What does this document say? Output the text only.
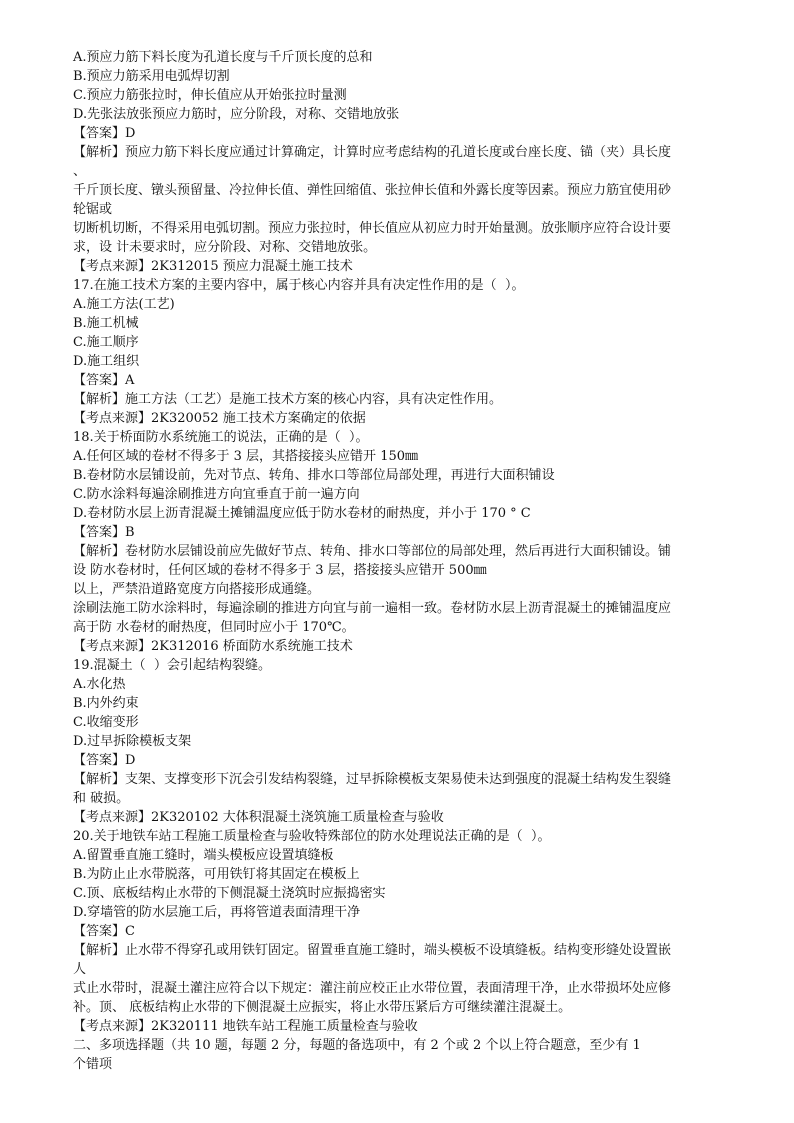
A.预应力筋下料长度为孔道长度与千斤顶长度的总和

B.预应力筋采用电弧焊切割

C.预应力筋张拉时，伸长值应从开始张拉时量测

D.先张法放张预应力筋时，应分阶段，对称、交错地放张

【答案】D

【解析】预应力筋下料长度应通过计算确定，计算时应考虑结构的孔道长度或台座长度、锚（夹）具长度

、

千斤顶长度、镦头预留量、冷拉伸长值、弹性回缩值、张拉伸长值和外露长度等因素。预应力筋宜使用砂

轮锯或

切断机切断，不得采用电弧切割。预应力张拉时，伸长值应从初应力时开始量测。放张顺序应符合设计要

求，设 计未要求时，应分阶段、对称、交错地放张。

【考点来源】2K312015 预应力混凝土施工技术

17.在施工技术方案的主要内容中，属于核心内容并具有决定性作用的是（  ）。

A.施工方法(工艺)

B.施工机械

C.施工顺序

D.施工组织

【答案】A

【解析】施工方法（工艺）是施工技术方案的核心内容，具有决定性作用。

【考点来源】2K320052 施工技术方案确定的依据

18.关于桥面防水系统施工的说法，正确的是（  ）。

A.任何区域的卷材不得多于 3 层，其搭接接头应错开 150㎜

B.卷材防水层铺设前，先对节点、转角、排水口等部位局部处理，再进行大面积铺设

C.防水涂料每遍涂刷推进方向宜垂直于前一遍方向

D.卷材防水层上沥青混凝土摊铺温度应低于防水卷材的耐热度，并小于 170 ° C

【答案】B

【解析】卷材防水层铺设前应先做好节点、转角、排水口等部位的局部处理，然后再进行大面积铺设。铺

设 防水卷材时，任何区域的卷材不得多于 3 层，搭接接头应错开 500㎜

以上，严禁沿道路宽度方向搭接形成通缝。

涂刷法施工防水涂料时，每遍涂刷的推进方向宜与前一遍相一致。卷材防水层上沥青混凝土的摊铺温度应

高于防 水卷材的耐热度，但同时应小于 170℃。

【考点来源】2K312016 桥面防水系统施工技术

19.混凝土（  ）会引起结构裂缝。

A.水化热

B.内外约束

C.收缩变形

D.过早拆除模板支架

【答案】D

【解析】支架、支撑变形下沉会引发结构裂缝，过早拆除模板支架易使未达到强度的混凝土结构发生裂缝

和 破损。

【考点来源】2K320102 大体积混凝土浇筑施工质量检查与验收

20.关于地铁车站工程施工质量检查与验收特殊部位的防水处理说法正确的是（  ）。

A.留置垂直施工缝时，端头模板应设置填缝板

B.为防止止水带脱落，可用铁钉将其固定在模板上

C.顶、底板结构止水带的下侧混凝土浇筑时应振捣密实

D.穿墙管的防水层施工后，再将管道表面清理干净

【答案】C

【解析】止水带不得穿孔或用铁钉固定。留置垂直施工缝时，端头模板不设填缝板。结构变形缝处设置嵌

人

式止水带时，混凝土灌注应符合以下规定：灌注前应校正止水带位置，表面清理干净，止水带损坏处应修

补。顶、 底板结构止水带的下侧混凝土应振实，将止水带压紧后方可继续灌注混凝土。

【考点来源】2K320111 地铁车站工程施工质量检查与验收

二、多项选择题（共 10 题，每题 2 分，每题的备选项中，有 2 个或 2 个以上符合题意，至少有 1

个错项
